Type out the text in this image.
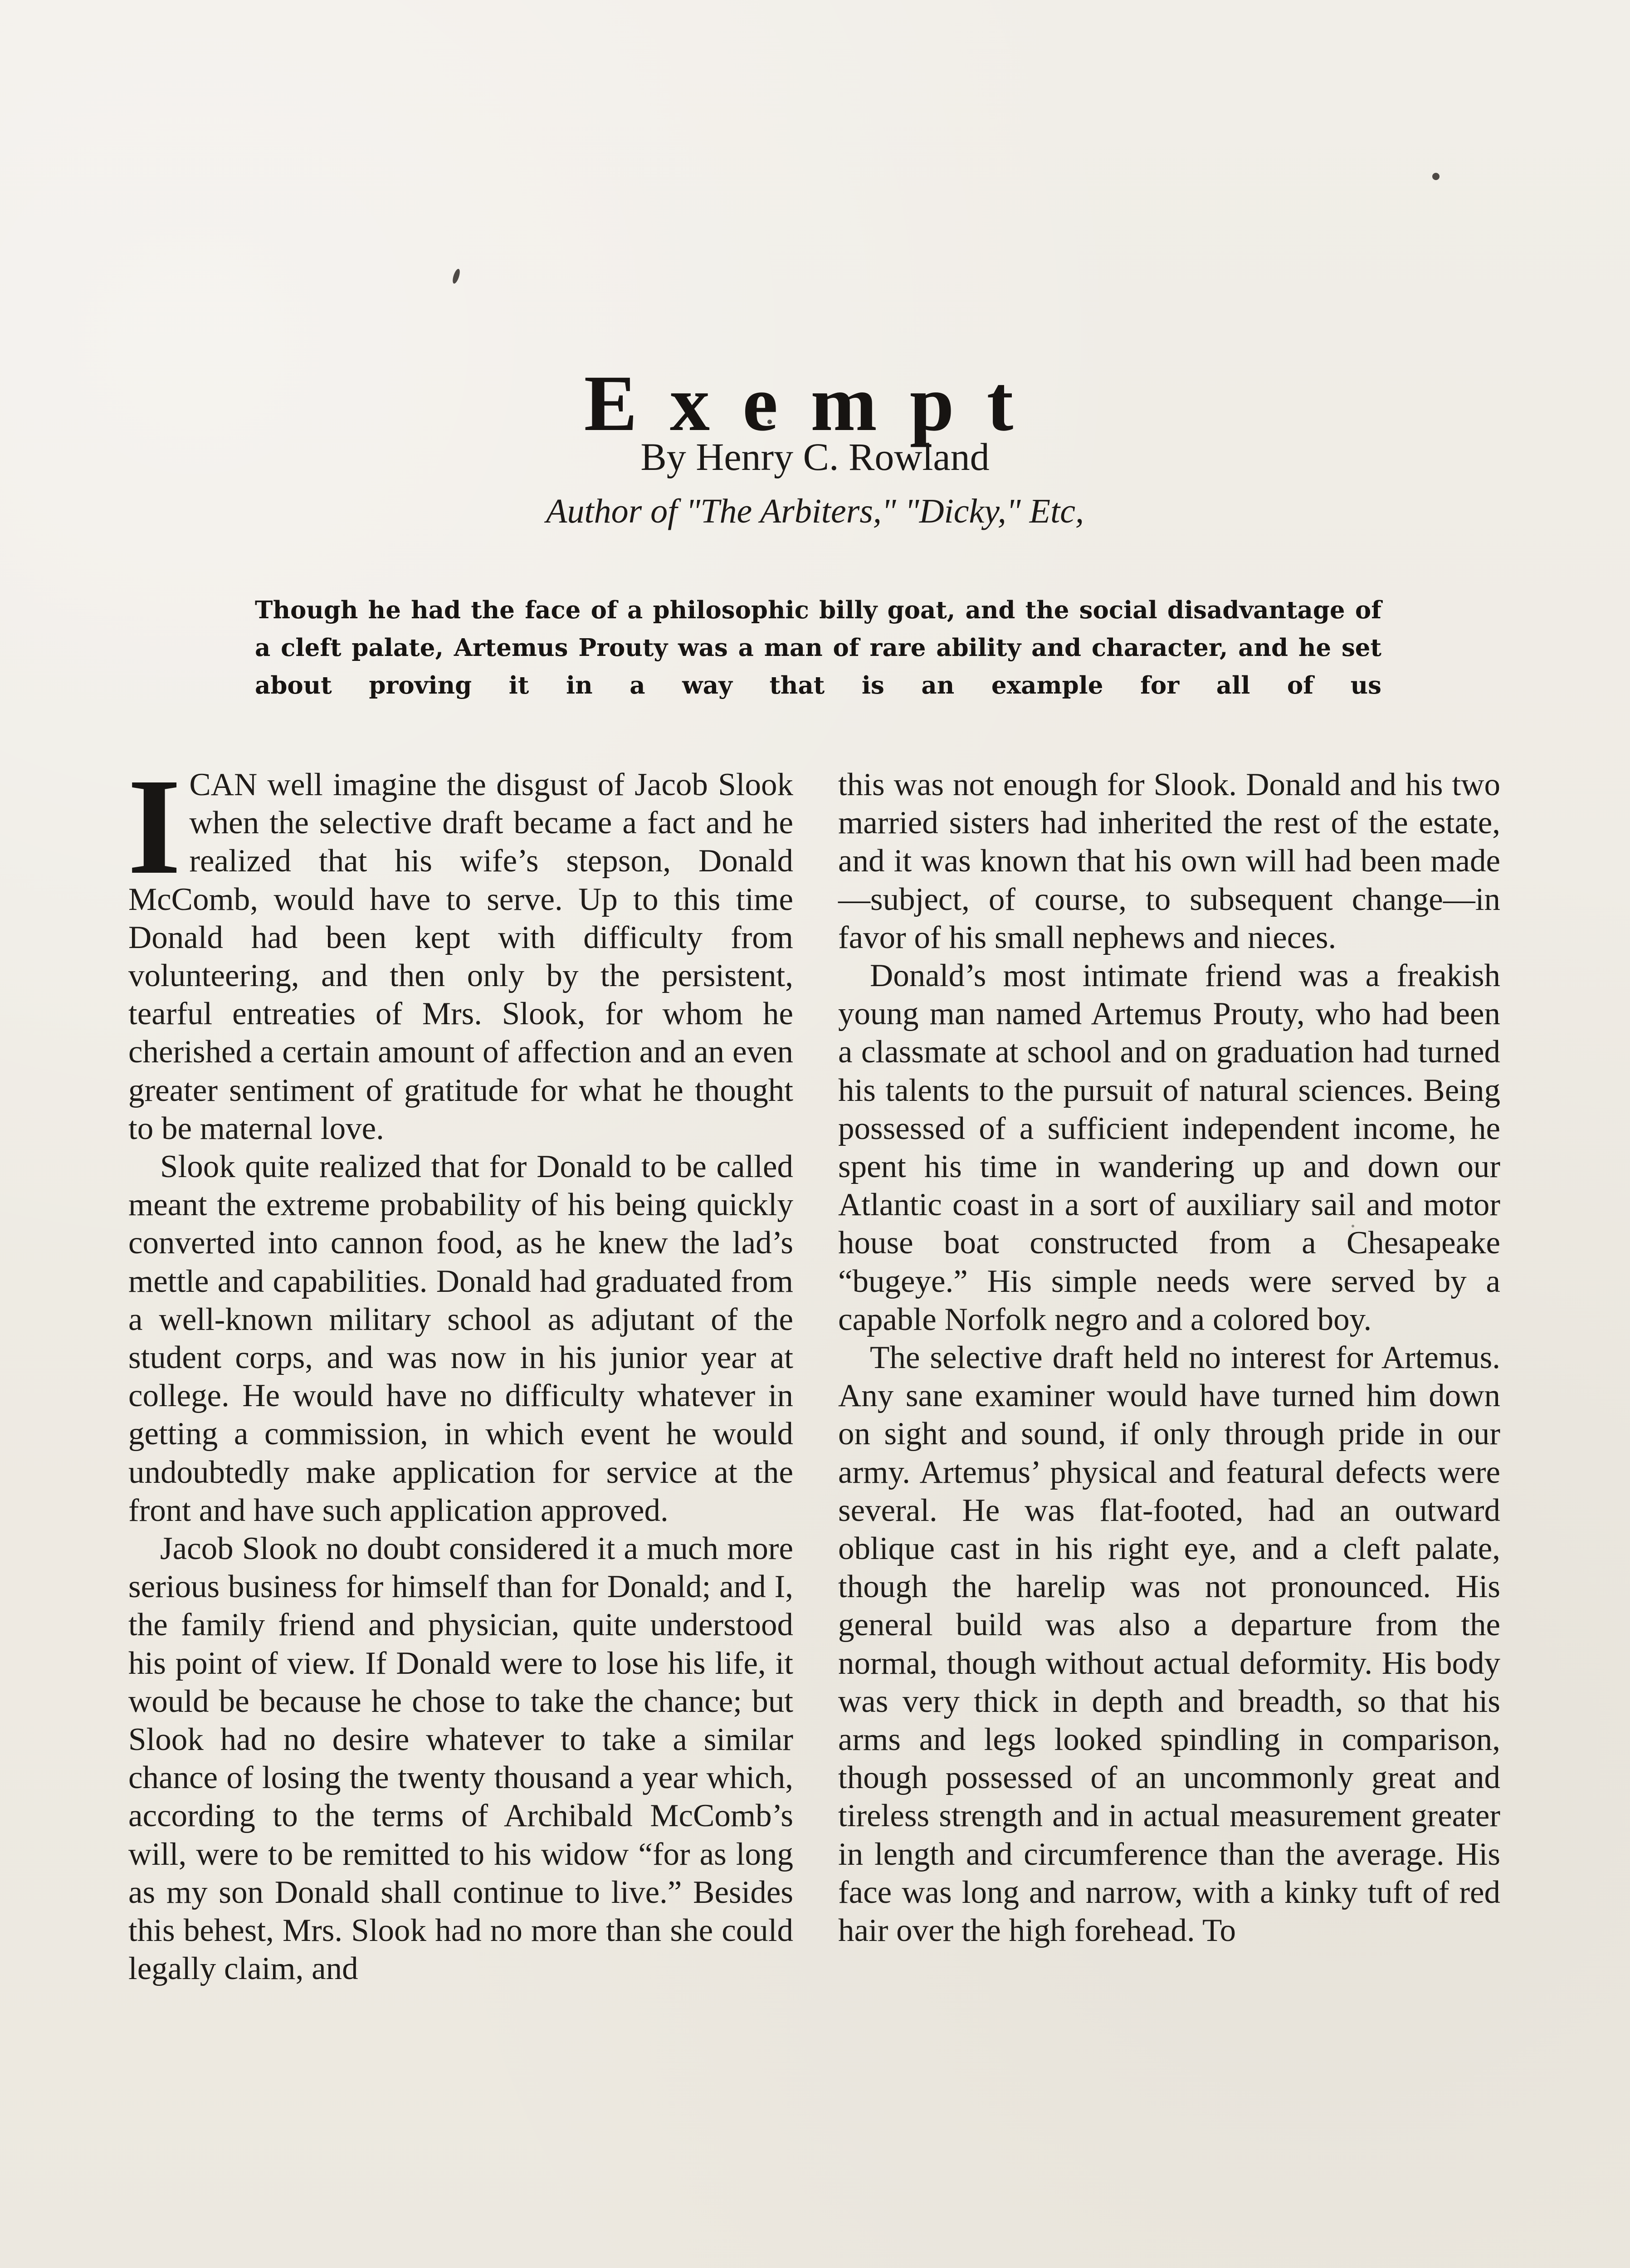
Exempt
By Henry C. Rowland
Author of "The Arbiters," "Dicky," Etc,
Though he had the face of a philosophic billy goat, and the social disadvantage of a cleft palate, Artemus Prouty was a man of rare ability and character, and he set about proving it in a way that is an example for all of us

I CAN well imagine the disgust of Jacob Slook when the selective draft became a fact and he realized that his wife’s stepson, Donald McComb, would have to serve. Up to this time Donald had been kept with difficulty from volunteering, and then only by the persistent, tearful entreaties of Mrs. Slook, for whom he cherished a certain amount of affection and an even greater sentiment of gratitude for what he thought to be maternal love.

Slook quite realized that for Donald to be called meant the extreme probability of his being quickly converted into cannon food, as he knew the lad’s mettle and capabilities. Donald had graduated from a well-known military school as adjutant of the student corps, and was now in his junior year at college. He would have no difficulty whatever in getting a commission, in which event he would undoubtedly make application for service at the front and have such application approved.

Jacob Slook no doubt considered it a much more serious business for himself than for Donald; and I, the family friend and physician, quite understood his point of view. If Donald were to lose his life, it would be because he chose to take the chance; but Slook had no desire whatever to take a similar chance of losing the twenty thousand a year which, according to the terms of Archibald McComb’s will, were to be remitted to his widow “for as long as my son Donald shall continue to live.” Besides this behest, Mrs. Slook had no more than she could legally claim, and

this was not enough for Slook. Donald and his two married sisters had inherited the rest of the estate, and it was known that his own will had been made —subject, of course, to subsequent change—in favor of his small nephews and nieces.

Donald’s most intimate friend was a freakish young man named Artemus Prouty, who had been a classmate at school and on graduation had turned his talents to the pursuit of natural sciences. Being possessed of a sufficient independent income, he spent his time in wandering up and down our Atlantic coast in a sort of auxiliary sail and motor house boat constructed from a Chesapeake “bugeye.” His simple needs were served by a capable Norfolk negro and a colored boy.

The selective draft held no interest for Artemus. Any sane examiner would have turned him down on sight and sound, if only through pride in our army. Artemus’ physical and featural defects were several. He was flat-footed, had an outward oblique cast in his right eye, and a cleft palate, though the harelip was not pronounced. His general build was also a departure from the normal, though without actual deformity. His body was very thick in depth and breadth, so that his arms and legs looked spindling in comparison, though possessed of an uncommonly great and tireless strength and in actual measurement greater in length and circumference than the average. His face was long and narrow, with a kinky tuft of red hair over the high forehead. To
